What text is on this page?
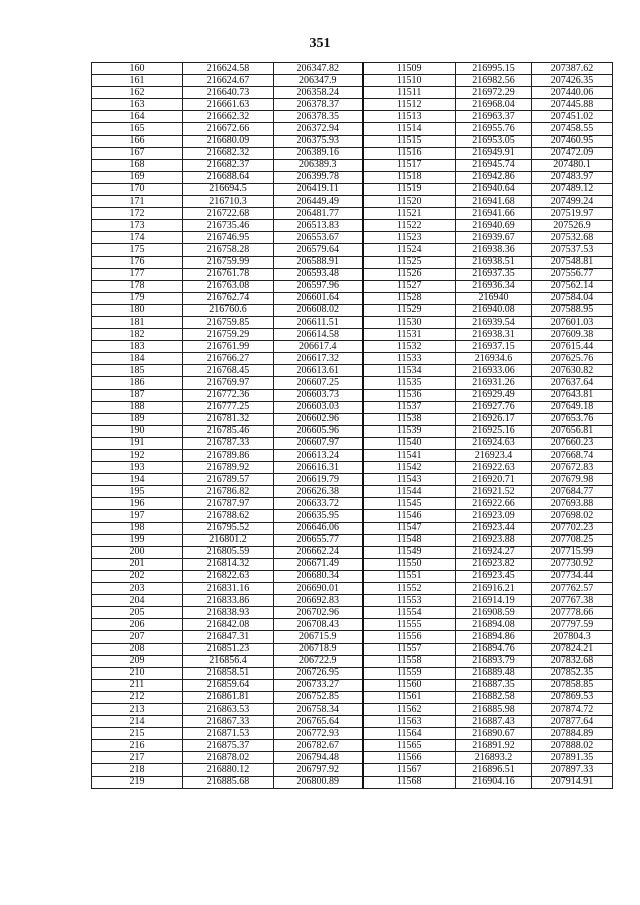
351
160	216624.58	206347.82	11509	216995.15	207387.62
161	216624.67	206347.9	11510	216982.56	207426.35
162	216640.73	206358.24	11511	216972.29	207440.06
163	216661.63	206378.37	11512	216968.04	207445.88
164	216662.32	206378.35	11513	216963.37	207451.02
165	216672.66	206372.94	11514	216955.76	207458.55
166	216680.09	206375.93	11515	216953.05	207460.95
167	216682.32	206389.16	11516	216949.91	207472.09
168	216682.37	206389.3	11517	216945.74	207480.1
169	216688.64	206399.78	11518	216942.86	207483.97
170	216694.5	206419.11	11519	216940.64	207489.12
171	216710.3	206449.49	11520	216941.68	207499.24
172	216722.68	206481.77	11521	216941.66	207519.97
173	216735.46	206513.83	11522	216940.69	207526.9
174	216746.95	206553.67	11523	216939.67	207532.68
175	216758.28	206579.64	11524	216938.36	207537.53
176	216759.99	206588.91	11525	216938.51	207548.81
177	216761.78	206593.48	11526	216937.35	207556.77
178	216763.08	206597.96	11527	216936.34	207562.14
179	216762.74	206601.64	11528	216940	207584.04
180	216760.6	206608.02	11529	216940.08	207588.95
181	216759.85	206611.51	11530	216939.54	207601.03
182	216759.29	206614.58	11531	216938.31	207609.38
183	216761.99	206617.4	11532	216937.15	207615.44
184	216766.27	206617.32	11533	216934.6	207625.76
185	216768.45	206613.61	11534	216933.06	207630.82
186	216769.97	206607.25	11535	216931.26	207637.64
187	216772.36	206603.73	11536	216929.49	207643.81
188	216777.25	206603.03	11537	216927.76	207649.18
189	216781.32	206602.96	11538	216926.17	207653.76
190	216785.46	206605.96	11539	216925.16	207656.81
191	216787.33	206607.97	11540	216924.63	207660.23
192	216789.86	206613.24	11541	216923.4	207668.74
193	216789.92	206616.31	11542	216922.63	207672.83
194	216789.57	206619.79	11543	216920.71	207679.98
195	216786.82	206626.38	11544	216921.52	207684.77
196	216787.97	206633.72	11545	216922.66	207693.88
197	216788.62	206635.95	11546	216923.09	207698.02
198	216795.52	206646.06	11547	216923.44	207702.23
199	216801.2	206655.77	11548	216923.88	207708.25
200	216805.59	206662.24	11549	216924.27	207715.99
201	216814.32	206671.49	11550	216923.82	207730.92
202	216822.63	206680.34	11551	216923.45	207734.44
203	216831.16	206690.01	11552	216916.21	207762.57
204	216833.86	206692.83	11553	216914.19	207767.38
205	216838.93	206702.96	11554	216908.59	207778.66
206	216842.08	206708.43	11555	216894.08	207797.59
207	216847.31	206715.9	11556	216894.86	207804.3
208	216851.23	206718.9	11557	216894.76	207824.21
209	216856.4	206722.9	11558	216893.79	207832.68
210	216858.51	206726.95	11559	216889.48	207852.35
211	216859.64	206733.27	11560	216887.35	207858.85
212	216861.81	206752.85	11561	216882.58	207869.53
213	216863.53	206758.34	11562	216885.98	207874.72
214	216867.33	206765.64	11563	216887.43	207877.64
215	216871.53	206772.93	11564	216890.67	207884.89
216	216875.37	206782.67	11565	216891.92	207888.02
217	216878.02	206794.48	11566	216893.2	207891.35
218	216880.12	206797.92	11567	216896.51	207897.33
219	216885.68	206800.89	11568	216904.16	207914.91
